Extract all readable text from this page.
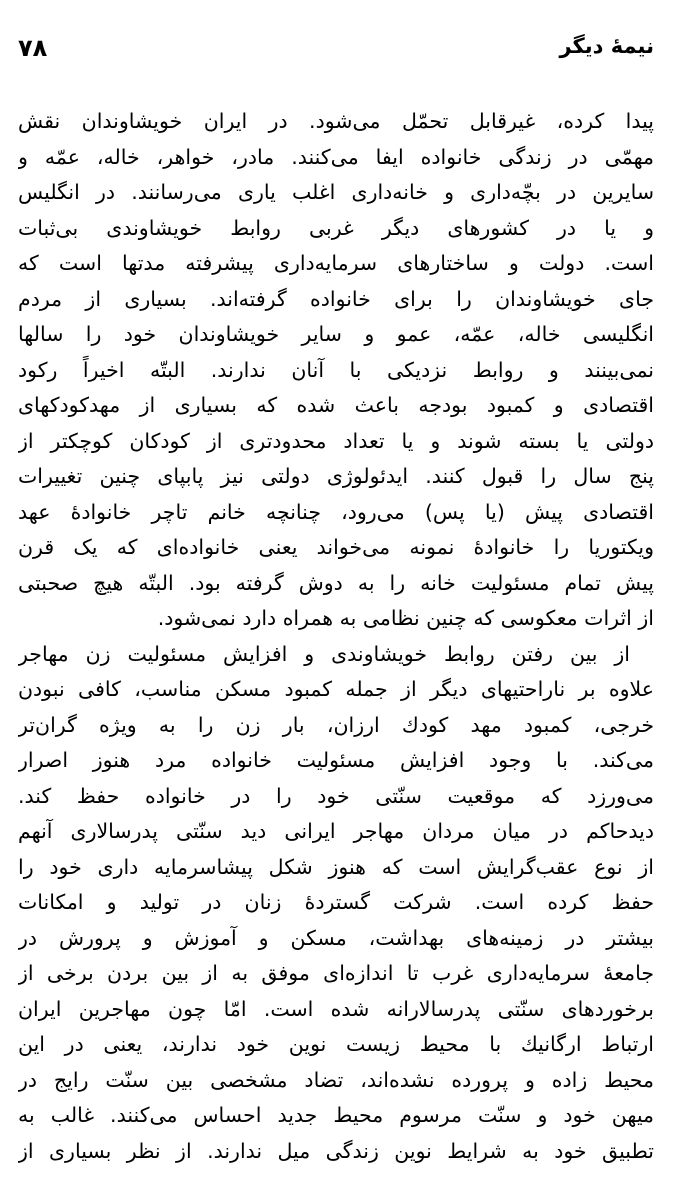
نیمهٔ دیگر
۷۸
پیدا کرده، غیرقابل تحمّل می‌شود. در ایران خویشاوندان نقش
مهمّی در زندگی خانواده ایفا می‌کنند. مادر، خواهر، خاله، عمّه و
سایرین در بچّه‌داری و خانه‌داری اغلب یاری می‌رسانند. در انگلیس
و یا در کشورهای دیگر غربی روابط خویشاوندی بی‌ثبات
است. دولت و ساختارهای سرمایه‌داری پیشرفته مدتها است که
جای خویشاوندان را برای خانواده گرفته‌اند. بسیاری از مردم
انگلیسی خاله، عمّه، عمو و سایر خویشاوندان خود را سالها
نمی‌بینند و روابط نزدیکی با آنان ندارند. البتّه اخیراً رکود
اقتصادی و کمبود بودجه باعث شده که بسیاری از مهدکودکهای
دولتی یا بسته شوند و یا تعداد محدودتری از کودکان کوچکتر از
پنج سال را قبول کنند. ایدئولوژی دولتی نیز پابپای چنین تغییرات
اقتصادی پیش (یا پس) می‌رود، چنانچه خانم تاچر خانوادهٔ عهد
ویکتوریا را خانوادهٔ نمونه می‌خواند یعنی خانواده‌ای که یک قرن
پیش تمام مسئولیت خانه را به دوش گرفته بود. البتّه هیچ صحبتی
از اثرات معکوسی که چنین نظامی به همراه دارد نمی‌شود.
از بین رفتن روابط خویشاوندی و افزایش مسئولیت زن مهاجر
علاوه بر ناراحتیهای دیگر از جمله کمبود مسکن مناسب، کافی نبودن
خرجی، کمبود مهد کودك ارزان، بار زن را به ویژه گران‌تر
می‌کند. با وجود افزایش مسئولیت خانواده مرد هنوز اصرار
می‌ورزد که موقعیت سنّتی خود را در خانواده حفظ کند.
دیدحاکم در میان مردان مهاجر ایرانی دید سنّتی پدرسالاری آنهم
از نوع عقب‌گرایش است که هنوز شکل پیشاسرمایه داری خود را
حفظ کرده است. شرکت گستردهٔ زنان در تولید و امکانات
بیشتر در زمینه‌های بهداشت، مسکن و آموزش و پرورش در
جامعهٔ سرمایه‌داری غرب تا اندازه‌ای موفق به از بین بردن برخی از
برخوردهای سنّتی پدرسالارانه شده است. امّا چون مهاجرین ایران
ارتباط ارگانیك با محیط زیست نوین خود ندارند، یعنی در این
محیط زاده و پرورده نشده‌اند، تضاد مشخصی بین سنّت رایج در
میهن خود و سنّت مرسوم محیط جدید احساس می‌کنند. غالب به
تطبیق خود به شرایط نوین زندگی میل ندارند. از نظر بسیاری از
